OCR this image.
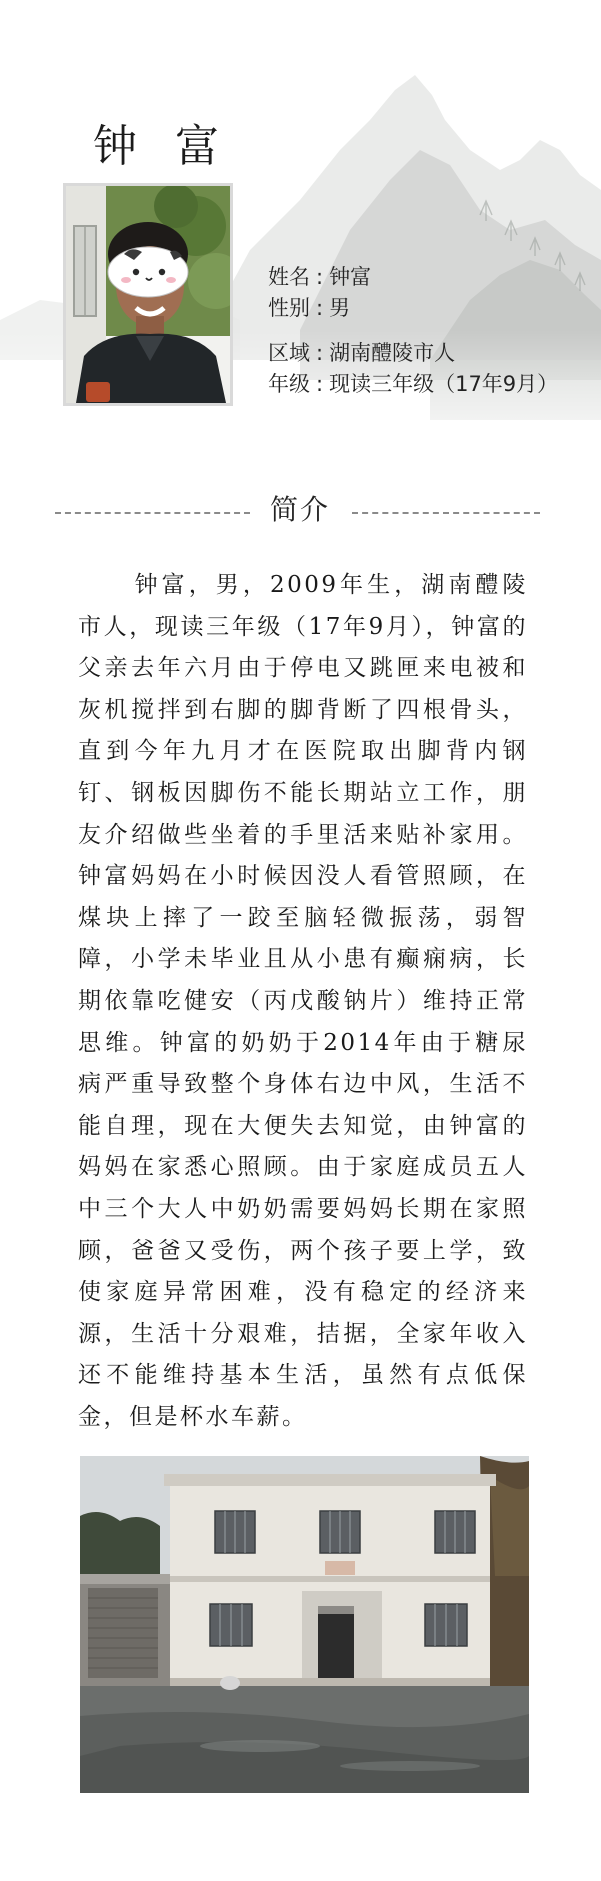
钟 富
姓名 : 钟富
性别 : 男
区域 : 湖南醴陵市人
年级 : 现读三年级（17年9月）
简介
钟富，男，2009年生，湖南醴陵市人，现读三年级（17年9月），钟富的父亲去年六月由于停电又跳匣来电被和灰机搅拌到右脚的脚背断了四根骨头，直到今年九月才在医院取出脚背内钢钉、钢板因脚伤不能长期站立工作，朋友介绍做些坐着的手里活来贴补家用。钟富妈妈在小时候因没人看管照顾，在煤块上摔了一跤至脑轻微振荡，弱智障，小学未毕业且从小患有癫痫病，长期依靠吃健安（丙戊酸钠片）维持正常思维。钟富的奶奶于2014年由于糖尿病严重导致整个身体右边中风，生活不能自理，现在大便失去知觉，由钟富的妈妈在家悉心照顾。由于家庭成员五人中三个大人中奶奶需要妈妈长期在家照顾，爸爸又受伤，两个孩子要上学，致使家庭异常困难，没有稳定的经济来源，生活十分艰难，拮据，全家年收入还不能维持基本生活，虽然有点低保金，但是杯水车薪。
